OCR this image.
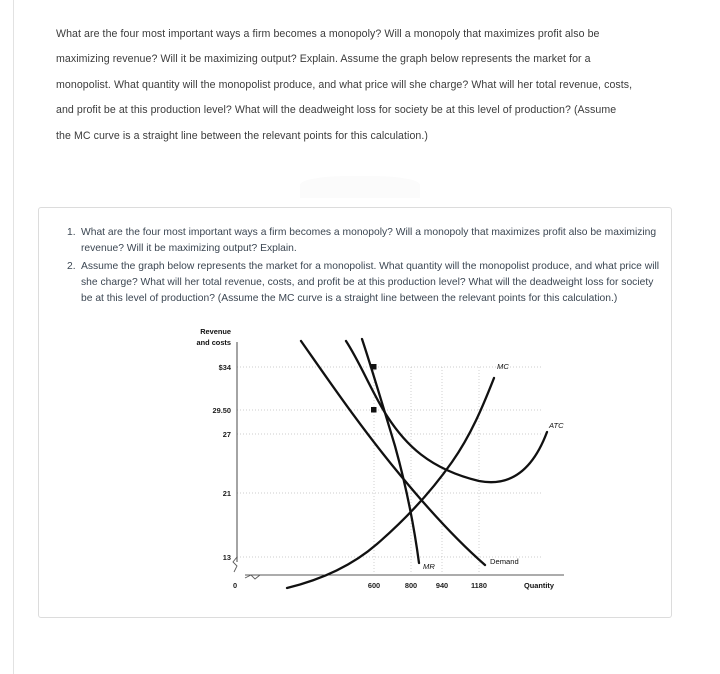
What are the four most important ways a firm becomes a monopoly? Will a monopoly that maximizes profit also be maximizing revenue? Will it be maximizing output? Explain. Assume the graph below represents the market for a monopolist. What quantity will the monopolist produce, and what price will she charge? What will her total revenue, costs, and profit be at this production level? What will the deadweight loss for society be at this level of production? (Assume the MC curve is a straight line between the relevant points for this calculation.)

What are the four most important ways a firm becomes a monopoly? Will a monopoly that maximizes profit also be maximizing revenue? Will it be maximizing output? Explain.
Assume the graph below represents the market for a monopolist. What quantity will the monopolist produce, and what price will she charge? What will her total revenue, costs, and profit be at this production level? What will the deadweight loss for society be at this level of production? (Assume the MC curve is a straight line between the relevant points for this calculation.)
Revenue
and costs
$34
29.50
27
21
13
0	600	800	940	1180	Quantity
MC
ATC
MR
Demand
